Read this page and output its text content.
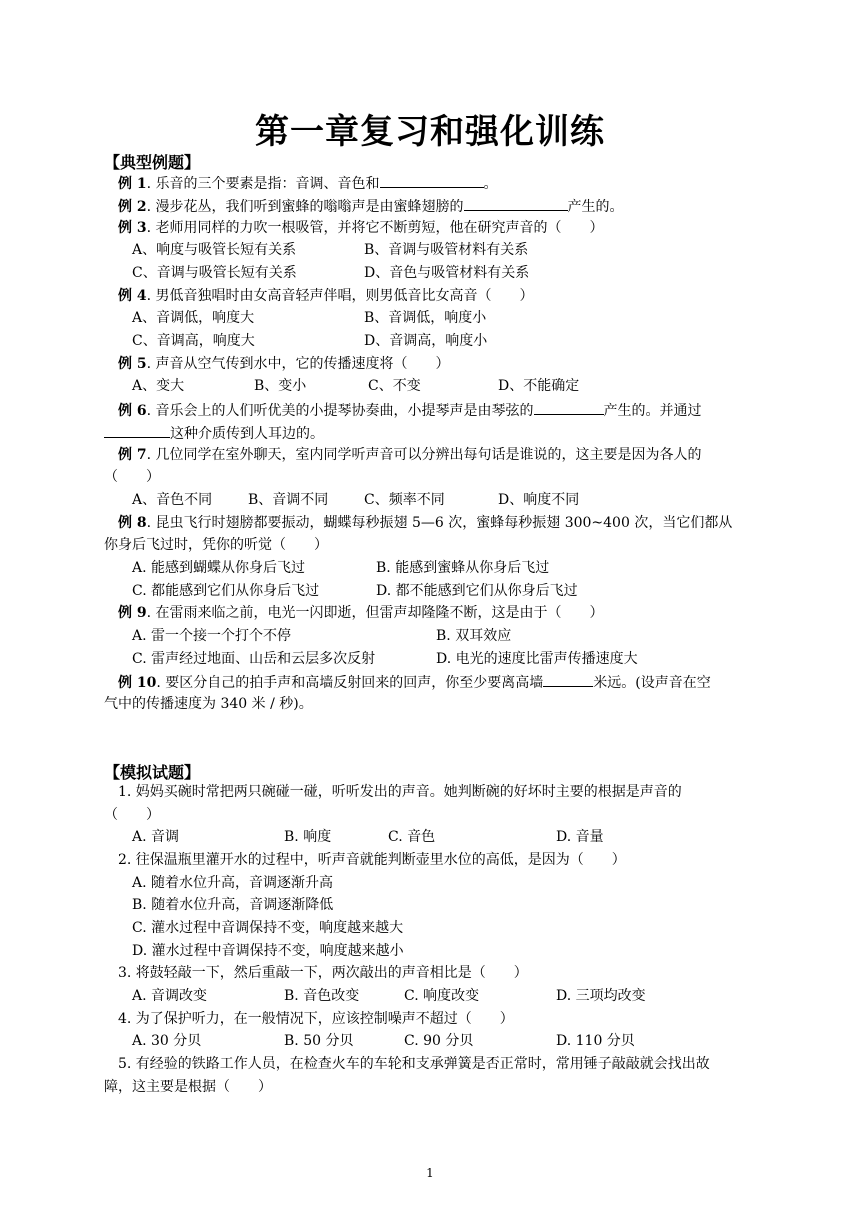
第一章复习和强化训练
【典型例题】
例 1. 乐音的三个要素是指：音调、音色和	。
例 2. 漫步花丛，我们听到蜜蜂的嗡嗡声是由蜜蜂翅膀的	产生的。
例 3. 老师用同样的力吹一根吸管，并将它不断剪短，他在研究声音的（　　）
A、响度与吸管长短有关系	B、音调与吸管材料有关系
C、音调与吸管长短有关系	D、音色与吸管材料有关系
例 4. 男低音独唱时由女高音轻声伴唱，则男低音比女高音（　　）
A、音调低，响度大	B、音调低，响度小
C、音调高，响度大	D、音调高，响度小
例 5. 声音从空气传到水中，它的传播速度将（　　）
A、变大	B、变小	C、不变	D、不能确定
例 6. 音乐会上的人们听优美的小提琴协奏曲，小提琴声是由琴弦的	产生的。并通过
这种介质传到人耳边的。
例 7. 几位同学在室外聊天，室内同学听声音可以分辨出每句话是谁说的，这主要是因为各人的
（　　）
A、音色不同	B、音调不同	C、频率不同	D、响度不同
例 8. 昆虫飞行时翅膀都要振动，蝴蝶每秒振翅 5—6 次，蜜蜂每秒振翅 300~400 次，当它们都从
你身后飞过时，凭你的听觉（　　）
A. 能感到蝴蝶从你身后飞过	B. 能感到蜜蜂从你身后飞过
C. 都能感到它们从你身后飞过	D. 都不能感到它们从你身后飞过
例 9. 在雷雨来临之前，电光一闪即逝，但雷声却隆隆不断，这是由于（　　）
A. 雷一个接一个打个不停	B. 双耳效应
C. 雷声经过地面、山岳和云层多次反射	D. 电光的速度比雷声传播速度大
例 10. 要区分自己的拍手声和高墙反射回来的回声，你至少要离高墙	米远。(设声音在空
气中的传播速度为 340 米 / 秒)。
【模拟试题】
1. 妈妈买碗时常把两只碗碰一碰，听听发出的声音。她判断碗的好坏时主要的根据是声音的
（　　）
A. 音调	B. 响度	C. 音色	D. 音量
2. 往保温瓶里灌开水的过程中，听声音就能判断壶里水位的高低，是因为（　　）
A. 随着水位升高，音调逐渐升高
B. 随着水位升高，音调逐渐降低
C. 灌水过程中音调保持不变，响度越来越大
D. 灌水过程中音调保持不变，响度越来越小
3. 将鼓轻敲一下，然后重敲一下，两次敲出的声音相比是（　　）
A. 音调改变	B. 音色改变	C. 响度改变	D. 三项均改变
4. 为了保护听力，在一般情况下，应该控制噪声不超过（　　）
A. 30 分贝	B. 50 分贝	C. 90 分贝	D. 110 分贝
5. 有经验的铁路工作人员，在检查火车的车轮和支承弹簧是否正常时，常用锤子敲敲就会找出故
障，这主要是根据（　　）
1
